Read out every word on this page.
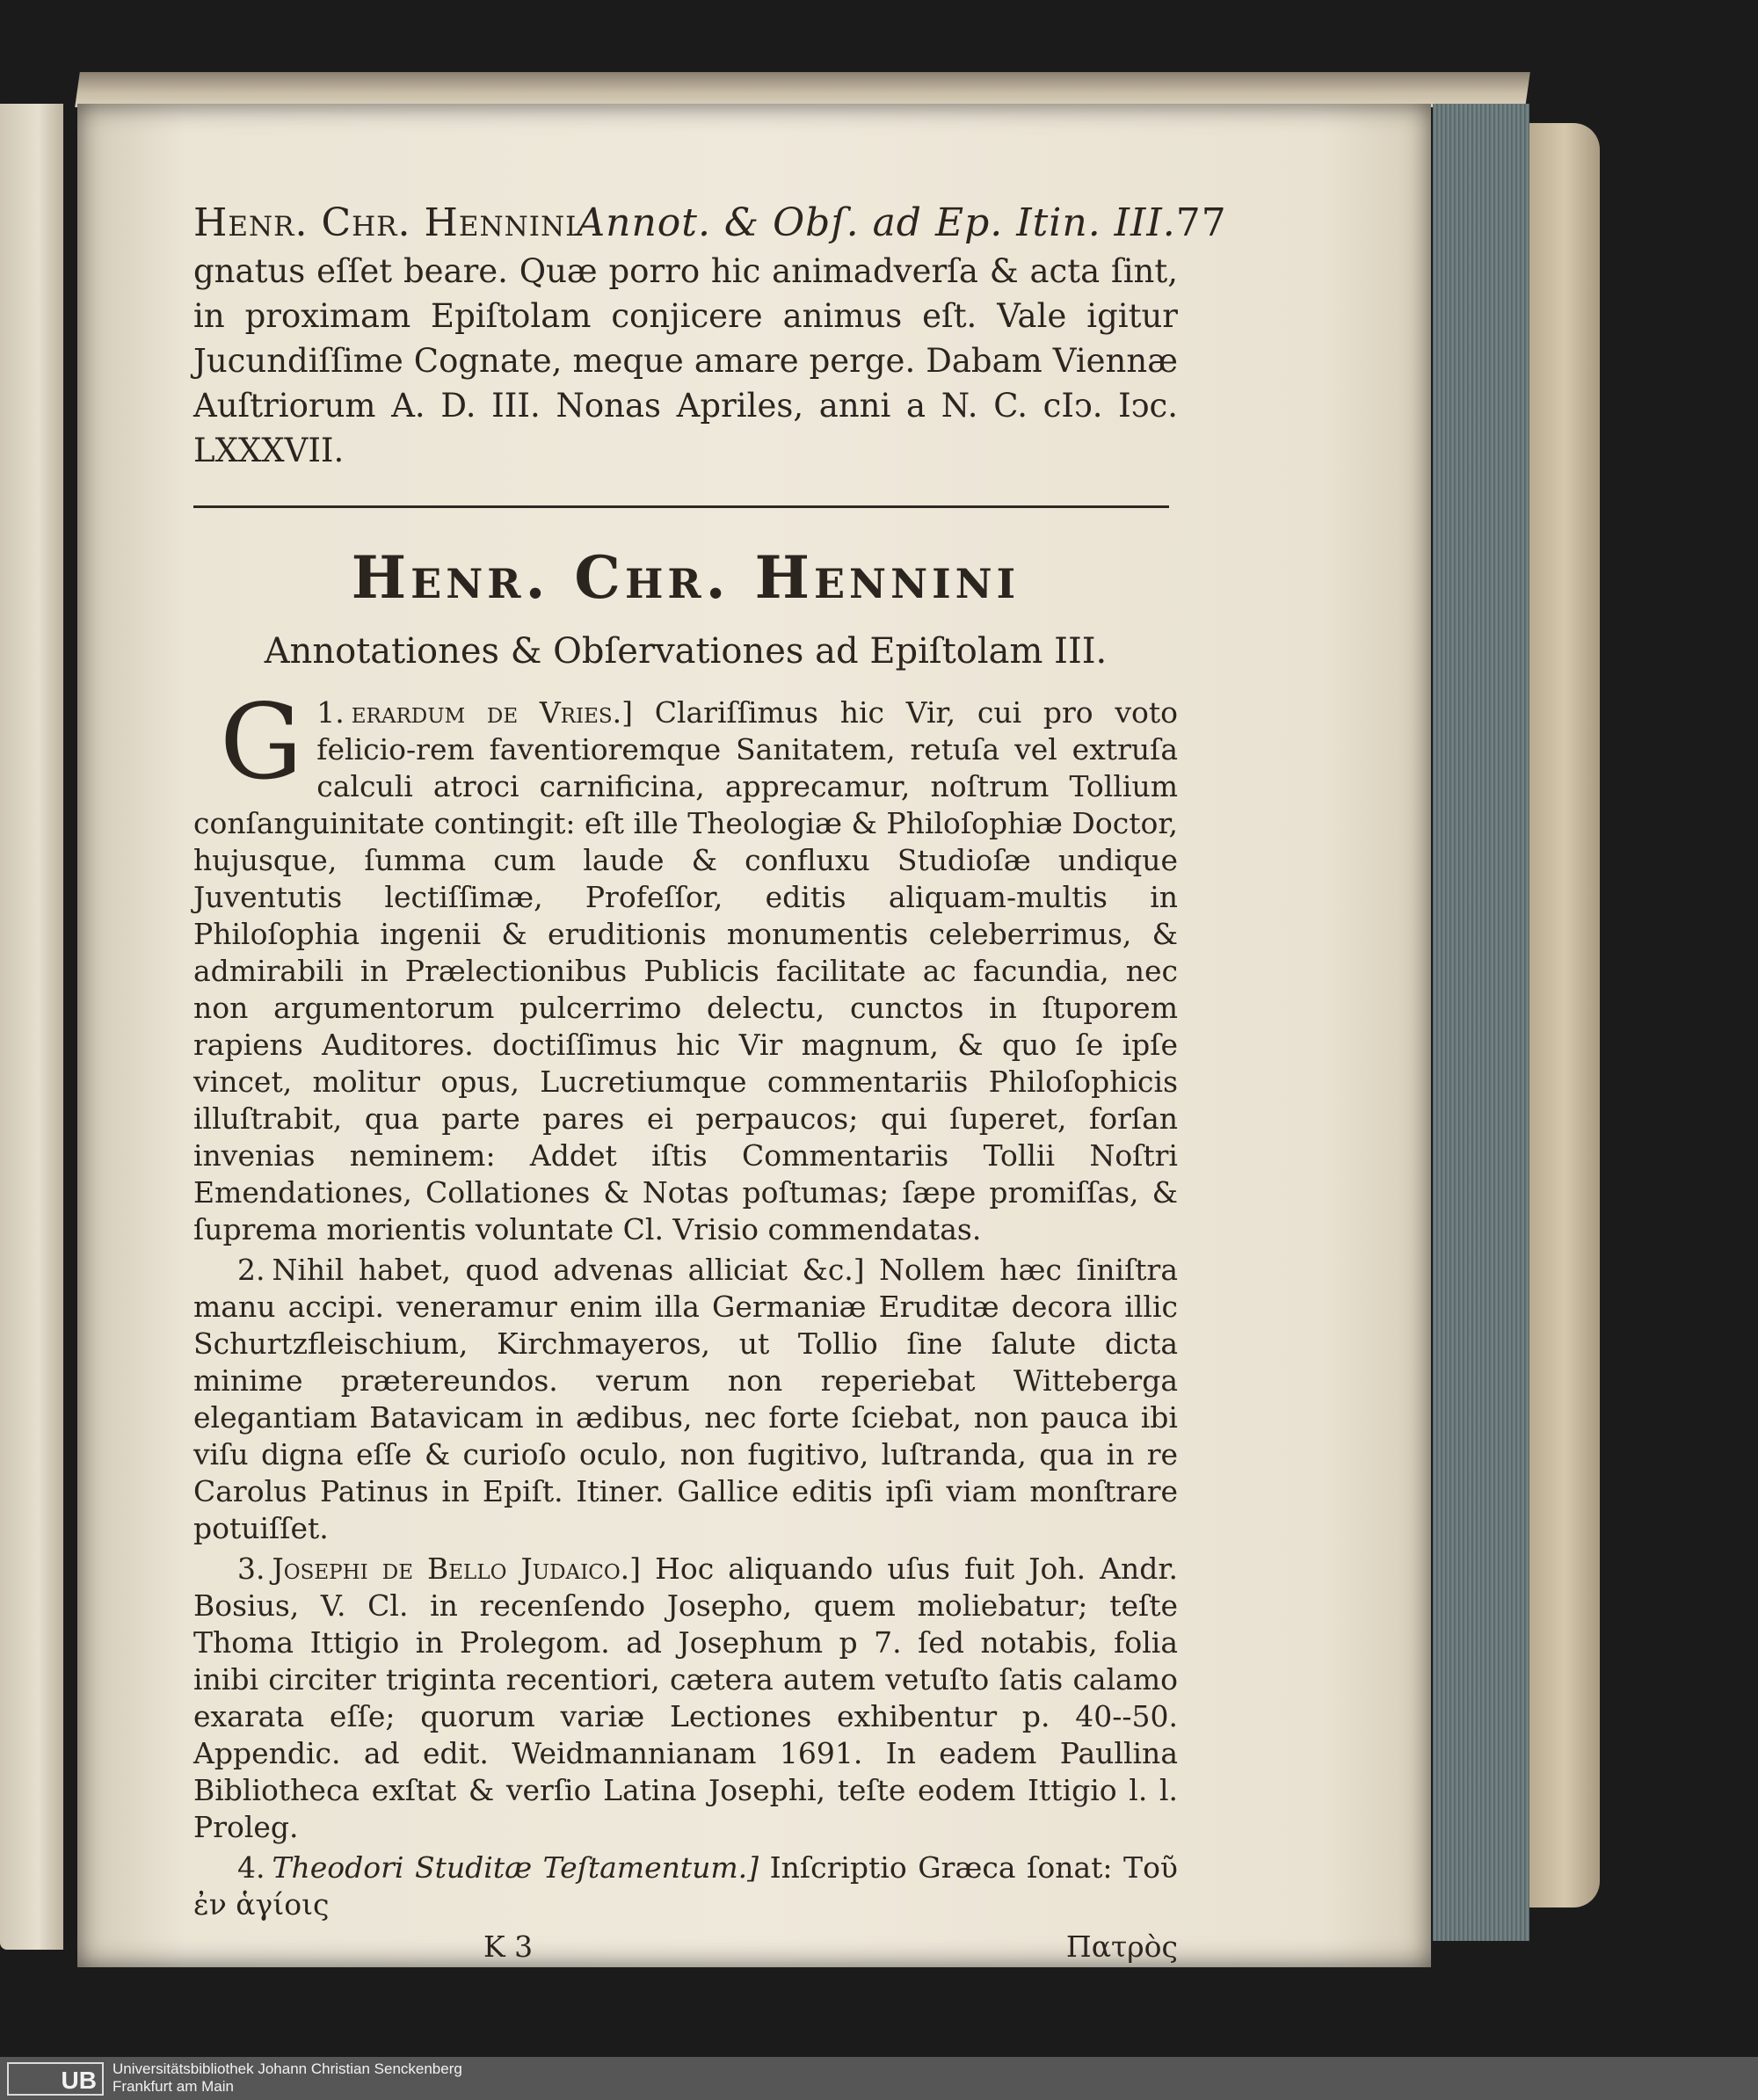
Henr. Chr. Hennini Annot. & Obſ. ad Ep. Itin. III. 77

gnatus eſſet beare. Quæ porro hic animadverſa & acta ſint, in proximam Epiſtolam conjicere animus eſt. Vale igitur Jucundiſſime Cognate, meque amare perge. Dabam Viennæ Auſtriorum A. D. III. Nonas Apriles, anni a N. C. cIↄ. Iↄc. LXXXVII.

Henr. Chr. Hennini
Annotationes & Obſervationes ad Epiſtolam III.

1.
G erardum de Vries.] Clariſſimus hic Vir, cui pro voto felicio-rem faventioremque Sanitatem, retuſa vel extruſa calculi atroci carnificina, apprecamur, noſtrum Tollium conſanguinitate contingit: eſt ille Theologiæ & Philoſophiæ Doctor, hujusque, ſumma cum laude & confluxu Studioſæ undique Juventutis lectiſſimæ, Profeſſor, editis aliquam-multis in Philoſophia ingenii & eruditionis monumentis celeberrimus, & admirabili in Prælectionibus Publicis facilitate ac facundia, nec non argumentorum pulcerrimo delectu, cunctos in ſtuporem rapiens Auditores. doctiſſimus hic Vir magnum, & quo ſe ipſe vincet, molitur opus, Lucretiumque commentariis Philoſophicis illuſtrabit, qua parte pares ei perpaucos; qui ſuperet, forſan invenias neminem: Addet iſtis Commentariis Tollii Noſtri Emendationes, Collationes & Notas poſtumas; ſæpe promiſſas, & ſuprema morientis voluntate Cl. Vrisio commendatas.

2. Nihil habet, quod advenas alliciat &c.] Nollem hæc ſiniſtra manu accipi. veneramur enim illa Germaniæ Eruditæ decora illic Schurtzfleischium, Kirchmayeros, ut Tollio ſine ſalute dicta minime prætereundos. verum non reperiebat Witteberga elegantiam Batavicam in ædibus, nec forte ſciebat, non pauca ibi viſu digna eſſe & curioſo oculo, non fugitivo, luſtranda, qua in re Carolus Patinus in Epiſt. Itiner. Gallice editis ipſi viam monſtrare potuiſſet.

3. Josephi de Bello Judaico.] Hoc aliquando uſus fuit Joh. Andr. Bosius, V. Cl. in recenſendo Josepho, quem moliebatur; teſte Thoma Ittigio in Prolegom. ad Josephum p 7. ſed notabis, folia inibi circiter triginta recentiori, cætera autem vetuſto ſatis calamo exarata eſſe; quorum variæ Lectiones exhibentur p. 40--50. Appendic. ad edit. Weidmannianam 1691. In eadem Paullina Bibliotheca exſtat & verſio Latina Josephi, teſte eodem Ittigio l. l. Proleg.

4. Theodori Studitæ Teſtamentum.] Inſcriptio Græca ſonat: Τοῦ ἐν ἁγίοις

K 3	Πατρὸς
UB	Universitätsbibliothek Johann Christian Senckenberg
Frankfurt am Main
